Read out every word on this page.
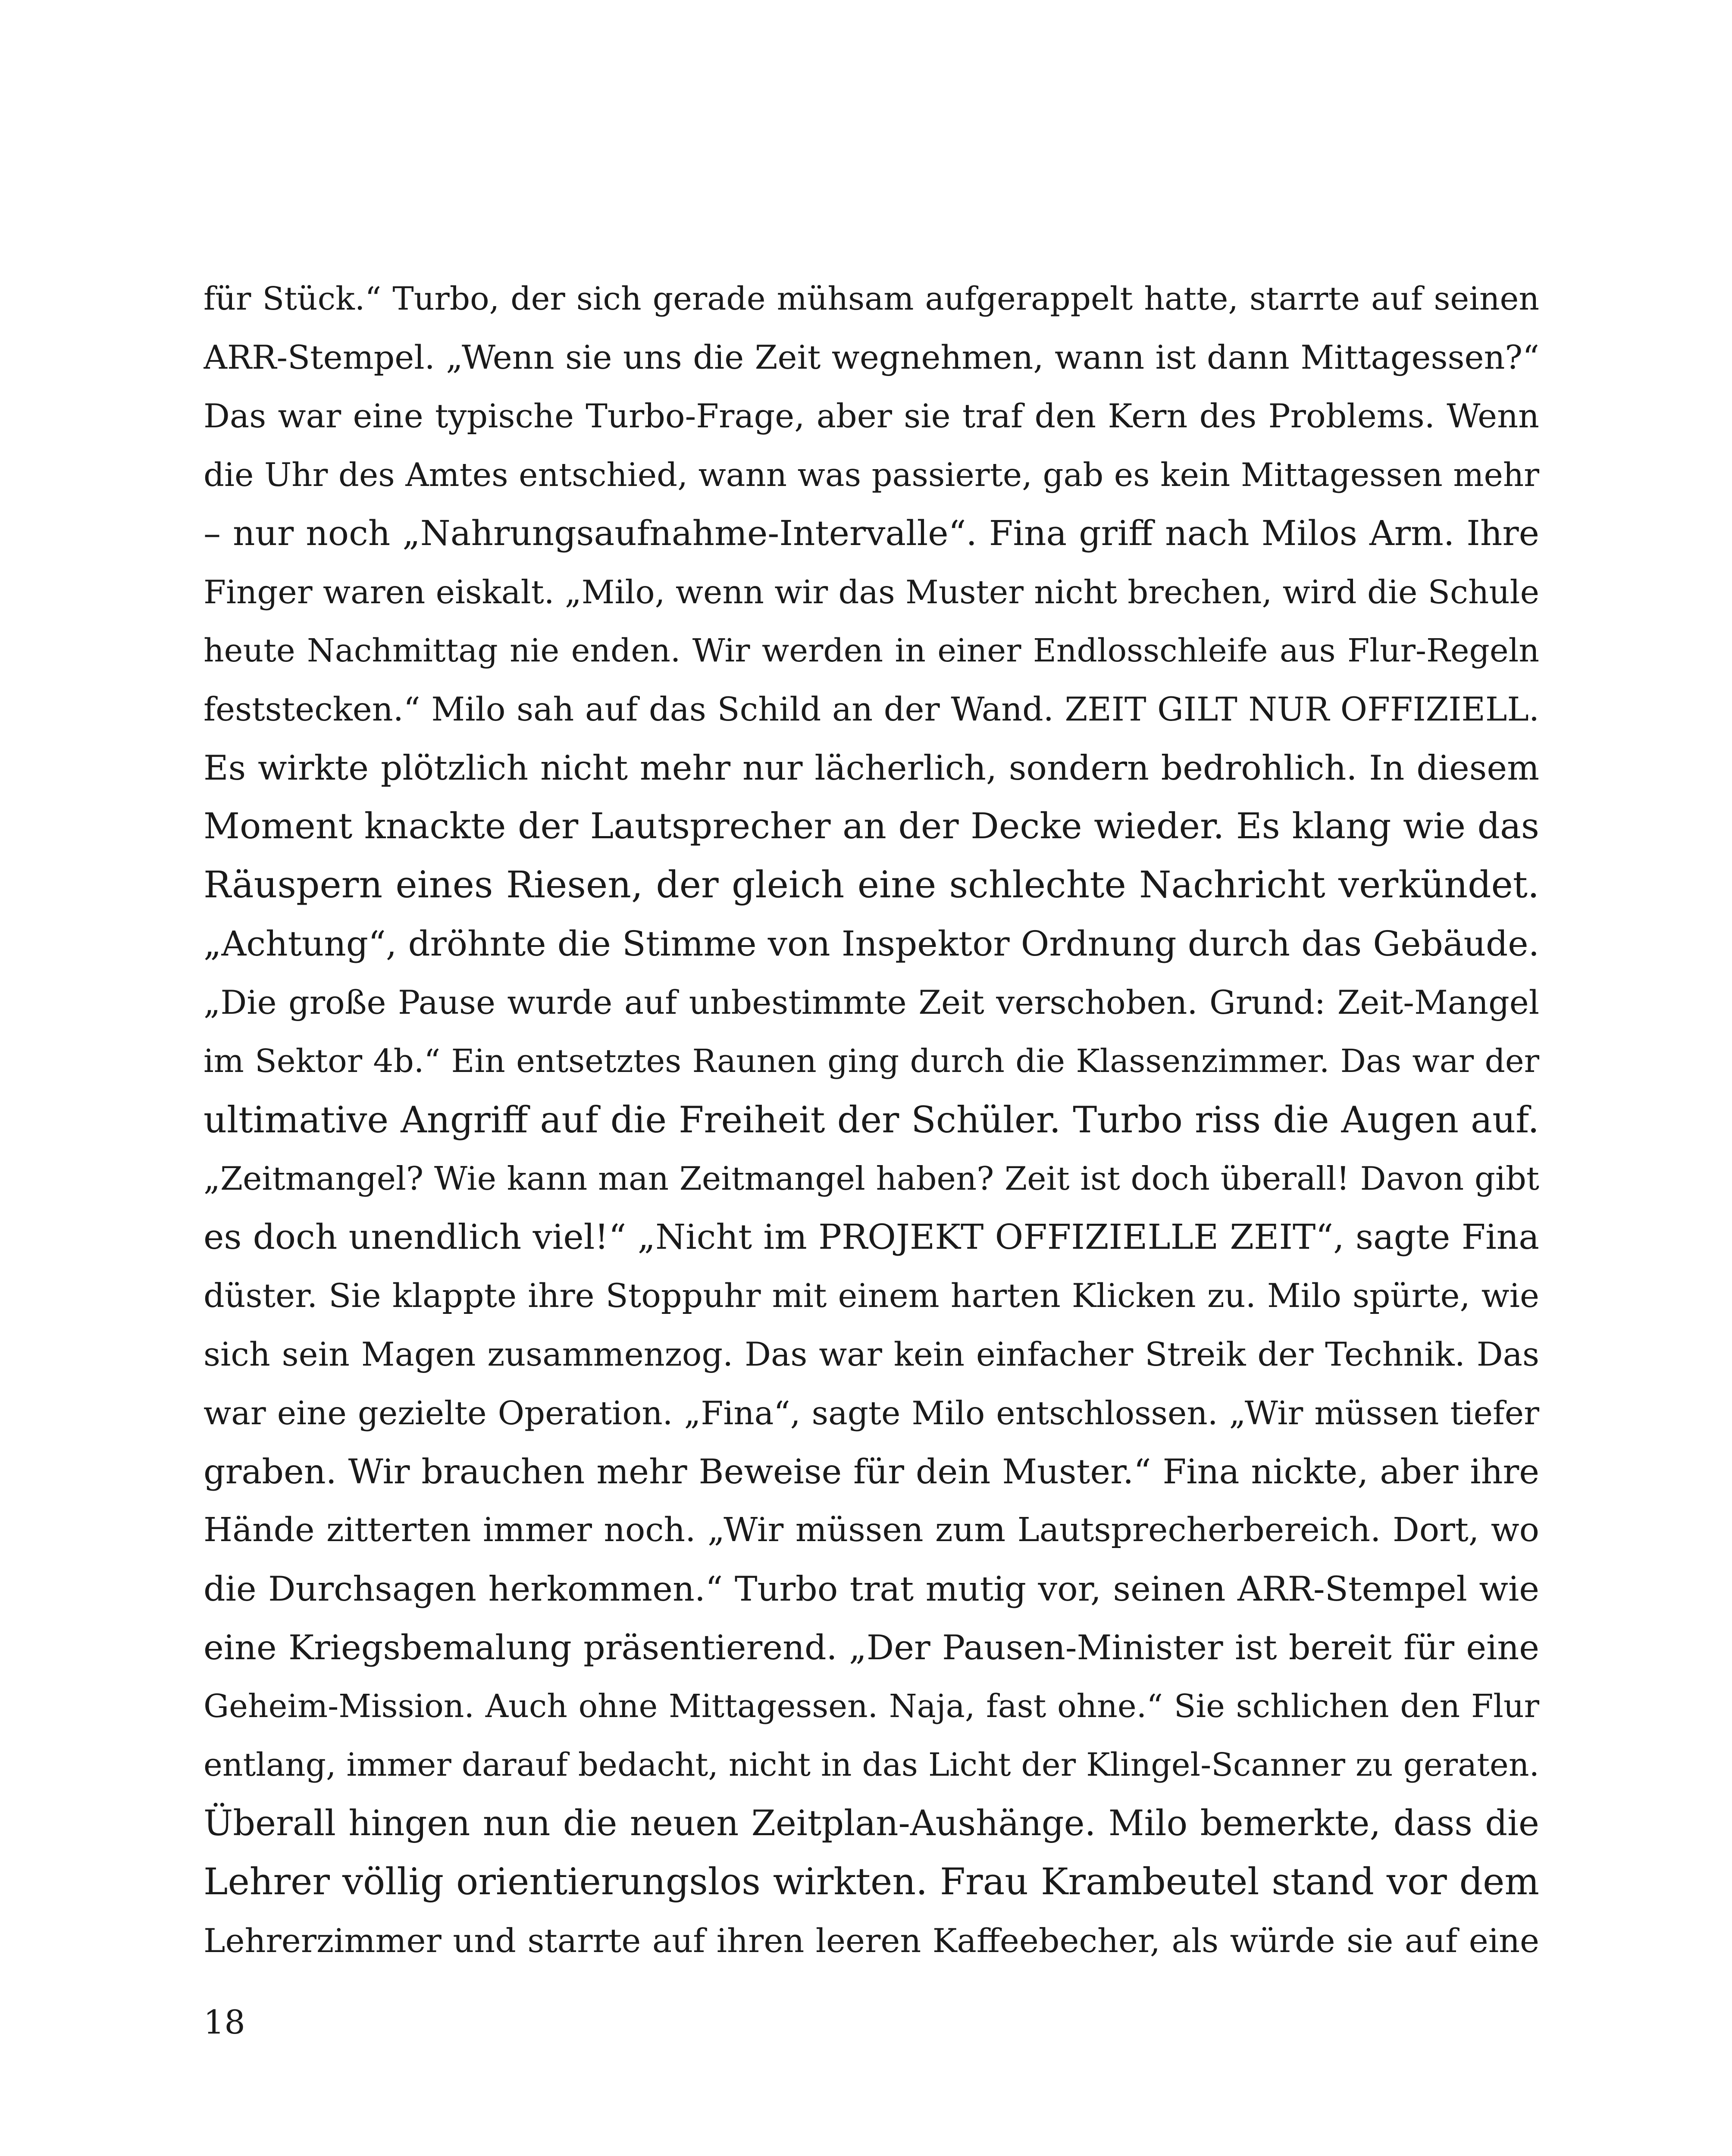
für Stück.“ Turbo, der sich gerade mühsam aufgerappelt hatte, starrte auf seinen
ARR-Stempel. „Wenn sie uns die Zeit wegnehmen, wann ist dann Mittagessen?“
Das war eine typische Turbo-Frage, aber sie traf den Kern des Problems. Wenn
die Uhr des Amtes entschied, wann was passierte, gab es kein Mittagessen mehr
– nur noch „Nahrungsaufnahme-Intervalle“. Fina griff nach Milos Arm. Ihre
Finger waren eiskalt. „Milo, wenn wir das Muster nicht brechen, wird die Schule
heute Nachmittag nie enden. Wir werden in einer Endlosschleife aus Flur-Regeln
feststecken.“ Milo sah auf das Schild an der Wand. ZEIT GILT NUR OFFIZIELL.
Es wirkte plötzlich nicht mehr nur lächerlich, sondern bedrohlich. In diesem
Moment knackte der Lautsprecher an der Decke wieder. Es klang wie das
Räuspern eines Riesen, der gleich eine schlechte Nachricht verkündet.
„Achtung“, dröhnte die Stimme von Inspektor Ordnung durch das Gebäude.
„Die große Pause wurde auf unbestimmte Zeit verschoben. Grund: Zeit-Mangel
im Sektor 4b.“ Ein entsetztes Raunen ging durch die Klassenzimmer. Das war der
ultimative Angriff auf die Freiheit der Schüler. Turbo riss die Augen auf.
„Zeitmangel? Wie kann man Zeitmangel haben? Zeit ist doch überall! Davon gibt
es doch unendlich viel!“ „Nicht im PROJEKT OFFIZIELLE ZEIT“, sagte Fina
düster. Sie klappte ihre Stoppuhr mit einem harten Klicken zu. Milo spürte, wie
sich sein Magen zusammenzog. Das war kein einfacher Streik der Technik. Das
war eine gezielte Operation. „Fina“, sagte Milo entschlossen. „Wir müssen tiefer
graben. Wir brauchen mehr Beweise für dein Muster.“ Fina nickte, aber ihre
Hände zitterten immer noch. „Wir müssen zum Lautsprecherbereich. Dort, wo
die Durchsagen herkommen.“ Turbo trat mutig vor, seinen ARR-Stempel wie
eine Kriegsbemalung präsentierend. „Der Pausen-Minister ist bereit für eine
Geheim-Mission. Auch ohne Mittagessen. Naja, fast ohne.“ Sie schlichen den Flur
entlang, immer darauf bedacht, nicht in das Licht der Klingel-Scanner zu geraten.
Überall hingen nun die neuen Zeitplan-Aushänge. Milo bemerkte, dass die
Lehrer völlig orientierungslos wirkten. Frau Krambeutel stand vor dem
Lehrerzimmer und starrte auf ihren leeren Kaffeebecher, als würde sie auf eine
18
